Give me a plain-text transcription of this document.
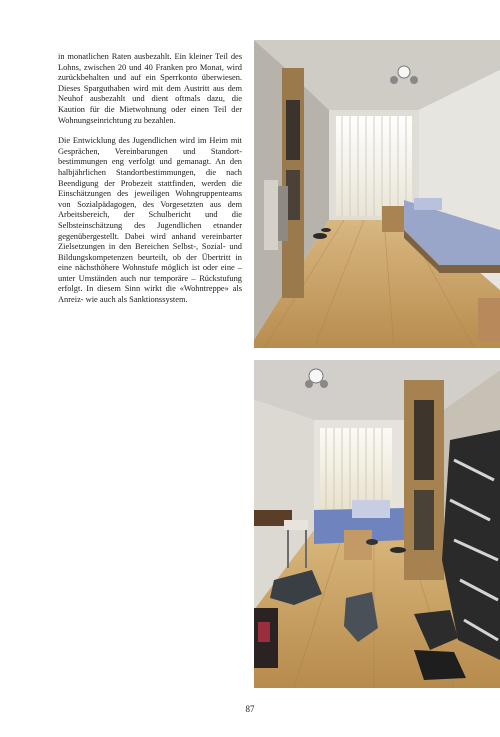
in monatlichen Raten ausbezahlt. Ein kleiner Teil des Lohns, zwischen 20 und 40 Franken pro Monat, wird zurückbehalten und auf ein Sperrkonto überwiesen. Dieses Sparguthaben wird mit dem Austritt aus dem Neuhof ausbezahlt und dient oftmals dazu, die Kaution für die Mietwohnung oder einen Teil der Wohnungseinrichtung zu bezahlen.

Die Entwicklung des Jugendlichen wird im Heim mit Gesprächen, Vereinbarungen und Standortbestimmungen eng verfolgt und gemanagt. An den halbjährlichen Standortbestimmungen, die nach Beendigung der Probezeit stattfinden, werden die Einschätzungen des jeweiligen Wohngruppenteams von Sozialpädagogen, des Vorgesetzten aus dem Arbeitsbereich, der Schulbericht und die Selbsteinschätzung des Jugendlichen etnander gegenübergestellt. Dabei wird anhand vereinbarter Zielsetzungen in den Bereichen Selbst-, Sozial- und Bildungskompetenzen beurteilt, ob der Übertritt in eine nächsthöhere Wohnstufe möglich ist oder eine – unter Umständen auch nur temporäre – Rückstufung erfolgt. In diesem Sinn wirkt die «Wohntreppe» als Anreiz- wie auch als Sanktionssystem.

87
